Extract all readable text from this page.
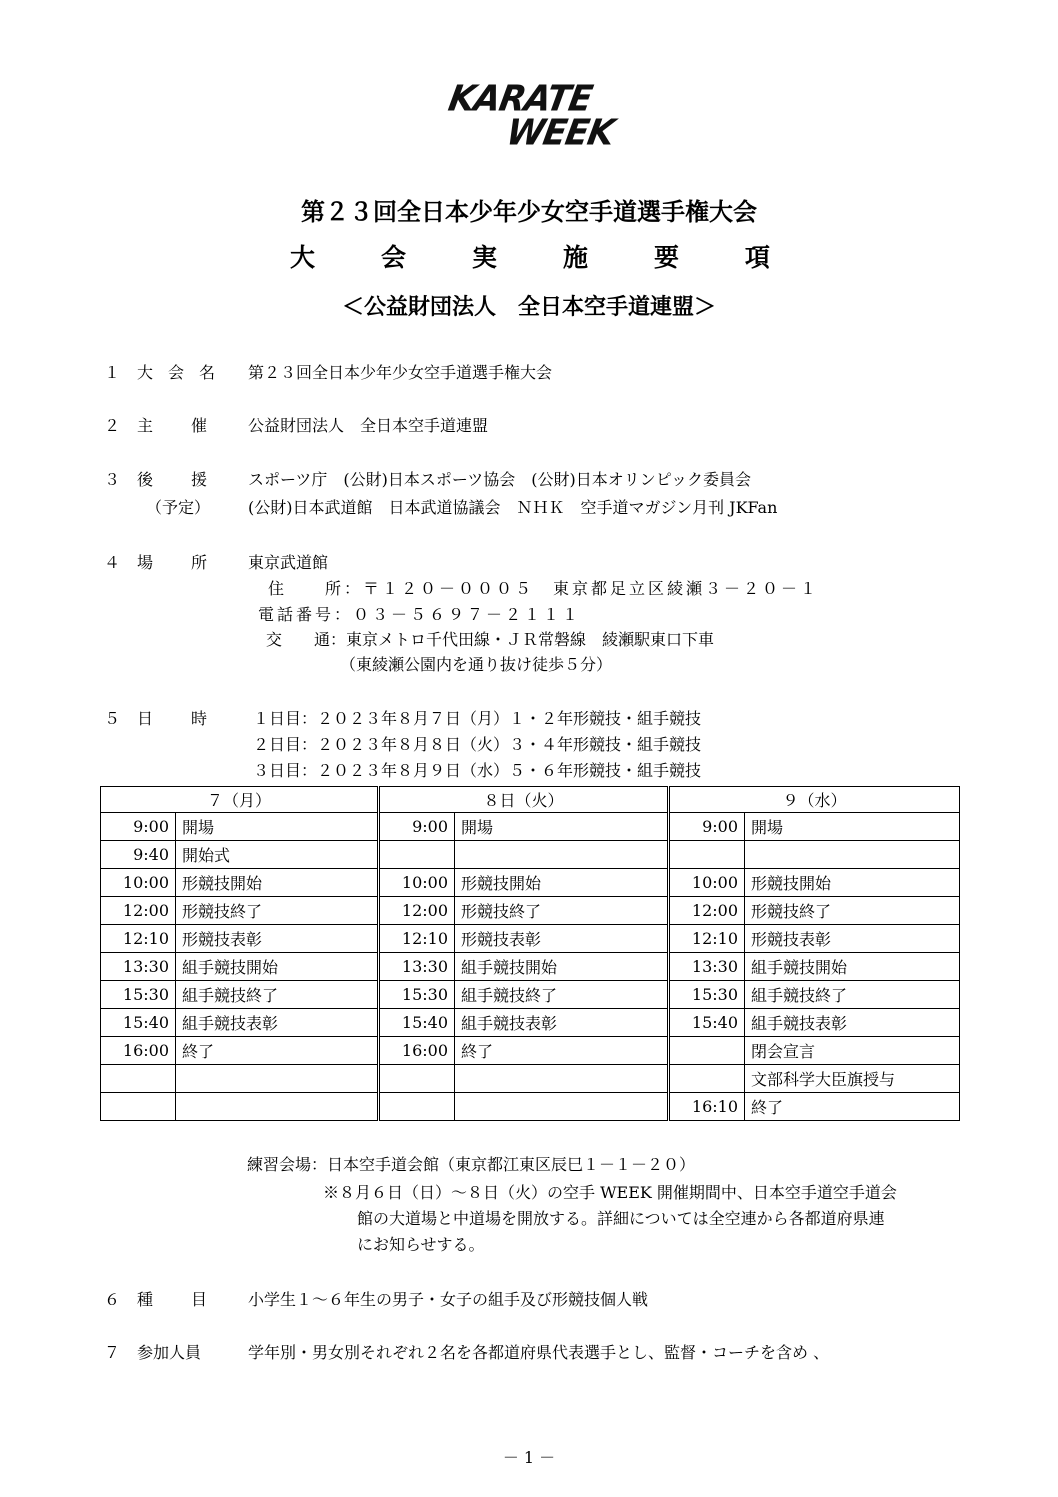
KARATE
WEEK
第２３回全日本少年少女空手道選手権大会
大	会	実	施	要	項
＜公益財団法人　全日本空手道連盟＞
１ 大 会 名 第２３回全日本少年少女空手道選手権大会
２ 主 催	公益財団法人　全日本空手道連盟
３ 後 援
（予定）
スポーツ庁　(公財)日本スポーツ協会　(公財)日本オリンピック委員会
(公財)日本武道館　日本武道協議会　ＮＨＫ　空手道マガジン月刊 JKFan
４ 場 所	東京武道館
住　　所：〒１２０－０００５　東京都足立区綾瀬３－２０－１
電話番号：０３－５６９７－２１１１
交　　通：東京メトロ千代田線・ＪＲ常磐線　綾瀬駅東口下車
（東綾瀬公園内を通り抜け徒歩５分）
５ 日 時	１日目：２０２３年８月７日（月）１・２年形競技・組手競技
２日目：２０２３年８月８日（火）３・４年形競技・組手競技
３日目：２０２３年８月９日（水）５・６年形競技・組手競技
７（月）			８日（火）			９（水）	
9:00	開場		9:00	開場		9:00	開場
9:40	開始式						
10:00	形競技開始		10:00	形競技開始		10:00	形競技開始
12:00	形競技終了		12:00	形競技終了		12:00	形競技終了
12:10	形競技表彰		12:10	形競技表彰		12:10	形競技表彰
13:30	組手競技開始		13:30	組手競技開始		13:30	組手競技開始
15:30	組手競技終了		15:30	組手競技終了		15:30	組手競技終了
15:40	組手競技表彰		15:40	組手競技表彰		15:40	組手競技表彰
16:00	終了		16:00	終了			閉会宣言
							文部科学大臣旗授与
						16:10	終了
練習会場：日本空手道会館（東京都江東区辰巳１－１－２０）
※８月６日（日）～８日（火）の空手 WEEK 開催期間中、日本空手道空手道会
館の大道場と中道場を開放する。詳細については全空連から各都道府県連
にお知らせする。
６ 種 目	小学生１～６年生の男子・女子の組手及び形競技個人戦
７ 参加人員	学年別・男女別それぞれ２名を各都道府県代表選手とし、監督・コーチを含め 、
－ 1 －
